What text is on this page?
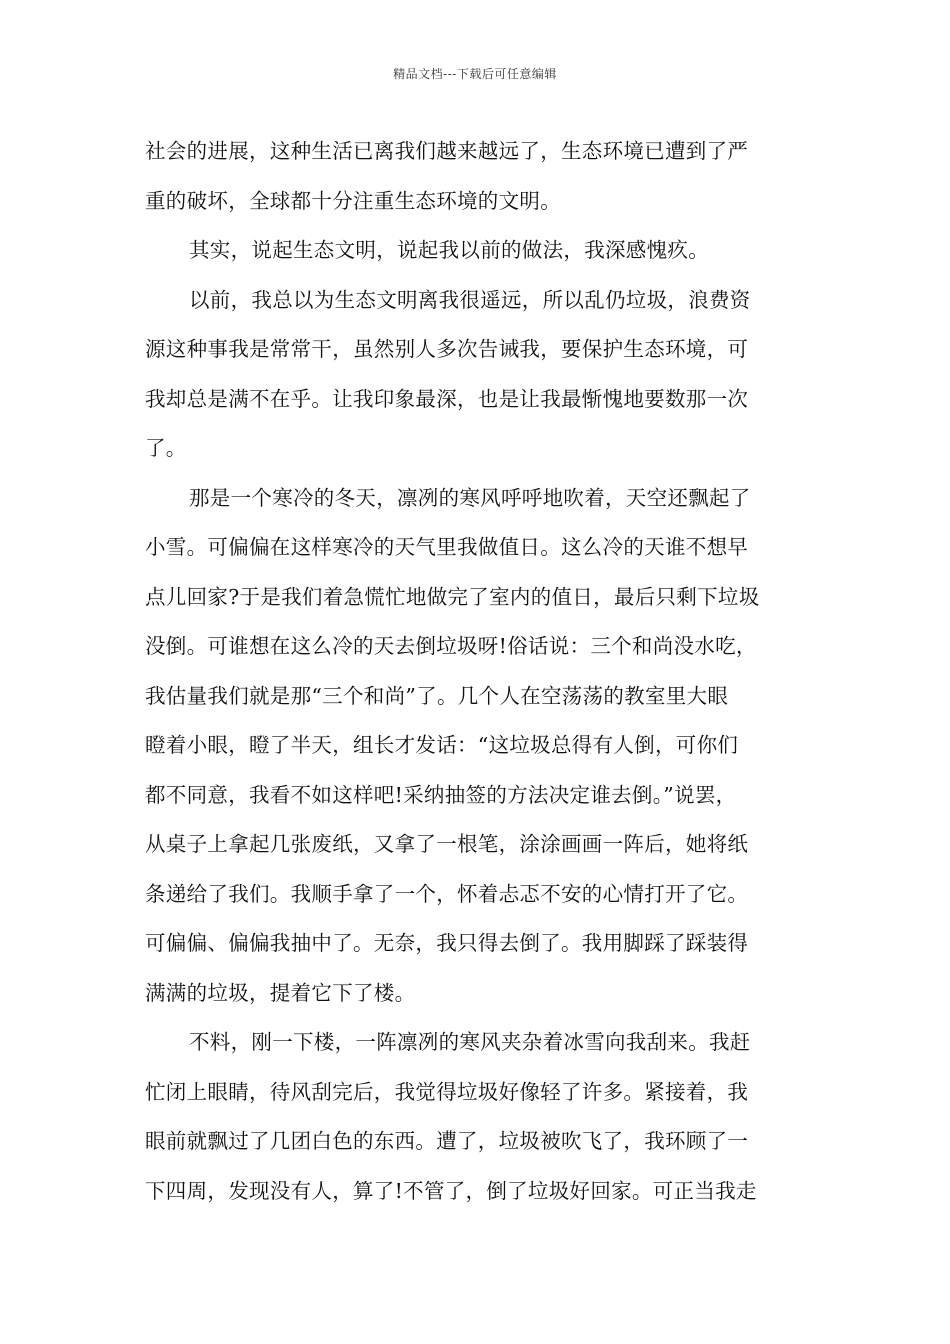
精品文档---下载后可任意编辑
社会的进展，这种生活已离我们越来越远了，生态环境已遭到了严
重的破坏，全球都十分注重生态环境的文明。
其实，说起生态文明，说起我以前的做法，我深感愧疚。
以前，我总以为生态文明离我很遥远，所以乱仍垃圾，浪费资
源这种事我是常常干，虽然别人多次告诫我，要保护生态环境，可
我却总是满不在乎。让我印象最深，也是让我最惭愧地要数那一次
了。
那是一个寒冷的冬天，凛冽的寒风呼呼地吹着，天空还飘起了
小雪。可偏偏在这样寒冷的天气里我做值日。这么冷的天谁不想早
点儿回家?于是我们着急慌忙地做完了室内的值日，最后只剩下垃圾
没倒。可谁想在这么冷的天去倒垃圾呀!俗话说：三个和尚没水吃，
我估量我们就是那“三个和尚”了。几个人在空荡荡的教室里大眼
瞪着小眼，瞪了半天，组长才发话：“这垃圾总得有人倒，可你们
都不同意，我看不如这样吧!采纳抽签的方法决定谁去倒。”说罢，
从桌子上拿起几张废纸，又拿了一根笔，涂涂画画一阵后，她将纸
条递给了我们。我顺手拿了一个，怀着忐忑不安的心情打开了它。
可偏偏、偏偏我抽中了。无奈，我只得去倒了。我用脚踩了踩装得
满满的垃圾，提着它下了楼。
不料，刚一下楼，一阵凛冽的寒风夹杂着冰雪向我刮来。我赶
忙闭上眼睛，待风刮完后，我觉得垃圾好像轻了许多。紧接着，我
眼前就飘过了几团白色的东西。遭了，垃圾被吹飞了，我环顾了一
下四周，发现没有人，算了!不管了，倒了垃圾好回家。可正当我走
